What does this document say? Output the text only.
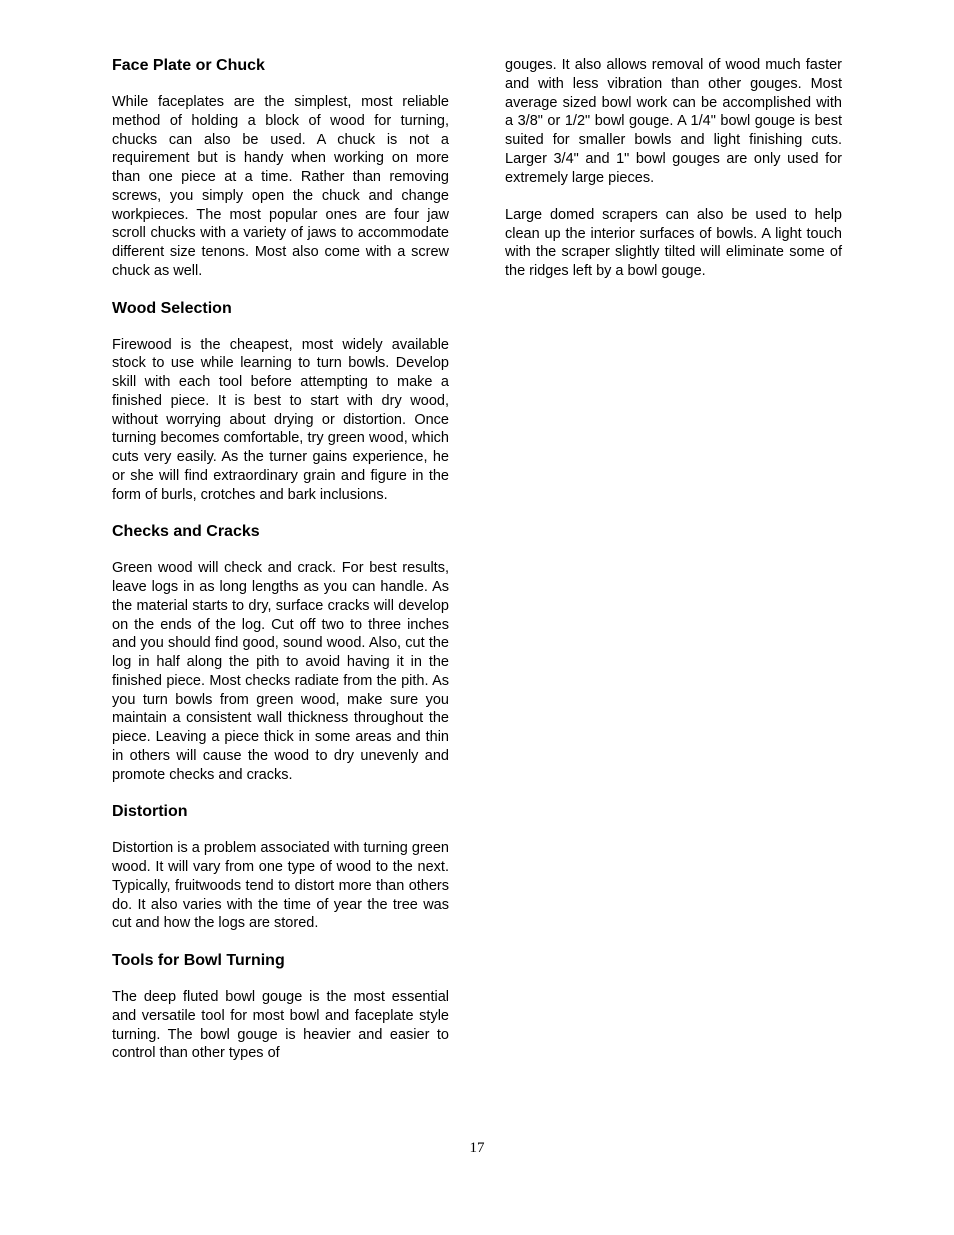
Face Plate or Chuck

While faceplates are the simplest, most reliable method of holding a block of wood for turning, chucks can also be used. A chuck is not a requirement but is handy when working on more than one piece at a time. Rather than removing screws, you simply open the chuck and change workpieces. The most popular ones are four jaw scroll chucks with a variety of jaws to accommodate different size tenons. Most also come with a screw chuck as well.

Wood Selection

Firewood is the cheapest, most widely available stock to use while learning to turn bowls. Develop skill with each tool before attempting to make a finished piece. It is best to start with dry wood, without worrying about drying or distortion. Once turning becomes comfortable, try green wood, which cuts very easily. As the turner gains experience, he or she will find extraordinary grain and figure in the form of burls, crotches and bark inclusions.

Checks and Cracks

Green wood will check and crack. For best results, leave logs in as long lengths as you can handle. As the material starts to dry, surface cracks will develop on the ends of the log. Cut off two to three inches and you should find good, sound wood. Also, cut the log in half along the pith to avoid having it in the finished piece. Most checks radiate from the pith. As you turn bowls from green wood, make sure you maintain a consistent wall thickness throughout the piece. Leaving a piece thick in some areas and thin in others will cause the wood to dry unevenly and promote checks and cracks.

Distortion

Distortion is a problem associated with turning green wood. It will vary from one type of wood to the next. Typically, fruitwoods tend to distort more than others do. It also varies with the time of year the tree was cut and how the logs are stored.

Tools for Bowl Turning

The deep fluted bowl gouge is the most essential and versatile tool for most bowl and faceplate style turning. The bowl gouge is heavier and easier to control than other types of

gouges. It also allows removal of wood much faster and with less vibration than other gouges. Most average sized bowl work can be accomplished with a 3/8" or 1/2" bowl gouge. A 1/4" bowl gouge is best suited for smaller bowls and light finishing cuts. Larger 3/4" and 1" bowl gouges are only used for extremely large pieces.

Large domed scrapers can also be used to help clean up the interior surfaces of bowls. A light touch with the scraper slightly tilted will eliminate some of the ridges left by a bowl gouge.

17
